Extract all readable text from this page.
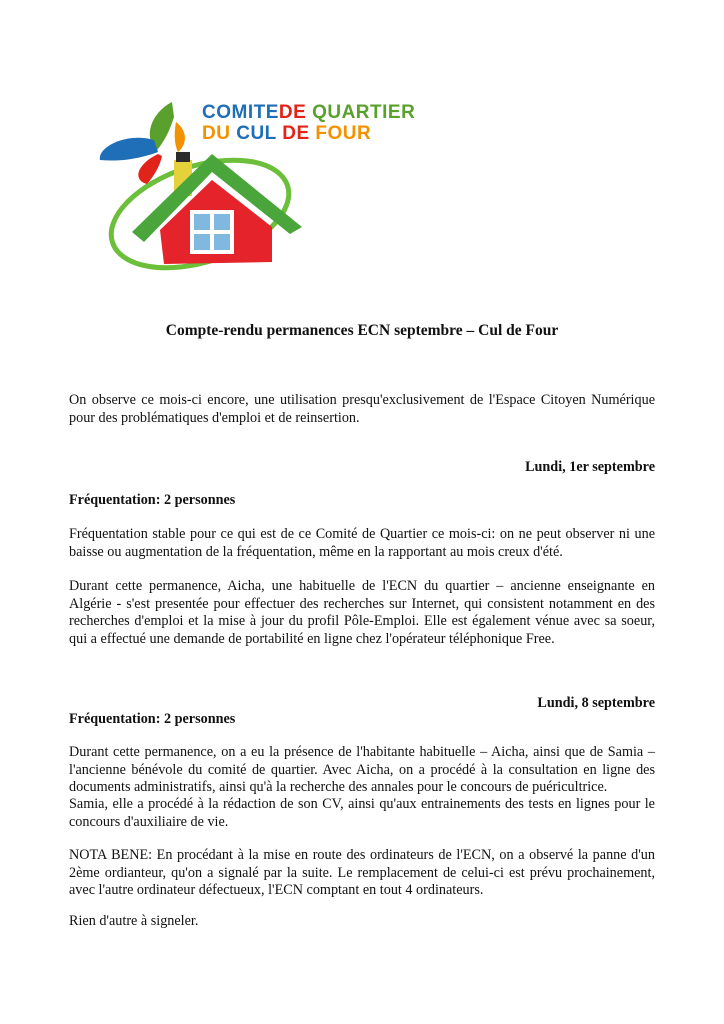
COMITEDE QUARTIER
DU CUL DE FOUR
Compte-rendu permanences ECN septembre – Cul de Four

On observe ce mois-ci encore, une utilisation presqu'exclusivement de l'Espace Citoyen Numérique pour des problématiques d'emploi et de reinsertion.

Lundi, 1er septembre

Fréquentation: 2 personnes

Fréquentation stable pour ce qui est de ce Comité de Quartier ce mois-ci: on ne peut observer ni une baisse ou augmentation de la fréquentation, même en la rapportant au mois creux d'été.

Durant cette permanence, Aicha, une habituelle de l'ECN du quartier – ancienne enseignante en Algérie - s'est presentée pour effectuer des recherches sur Internet, qui consistent notamment en des recherches d'emploi et la mise à jour du profil Pôle-Emploi. Elle est également vénue avec sa soeur, qui a effectué une demande de portabilité en ligne chez l'opérateur téléphonique Free.

Lundi, 8 septembre

Fréquentation: 2 personnes

Durant cette permanence, on a eu la présence de l'habitante habituelle – Aicha, ainsi que de Samia – l'ancienne bénévole du comité de quartier. Avec Aicha, on a procédé à la consultation en ligne des documents administratifs, ainsi qu'à la recherche des annales pour le concours de puéricultrice.

Samia, elle a procédé à la rédaction de son CV, ainsi qu'aux entrainements des tests en lignes pour le concours d'auxiliaire de vie.

NOTA BENE: En procédant à la mise en route des ordinateurs de l'ECN, on a observé la panne d'un 2ème ordianteur, qu'on a signalé par la suite. Le remplacement de celui-ci est prévu prochainement, avec l'autre ordinateur défectueux, l'ECN comptant en tout 4 ordinateurs.

Rien d'autre à signeler.
